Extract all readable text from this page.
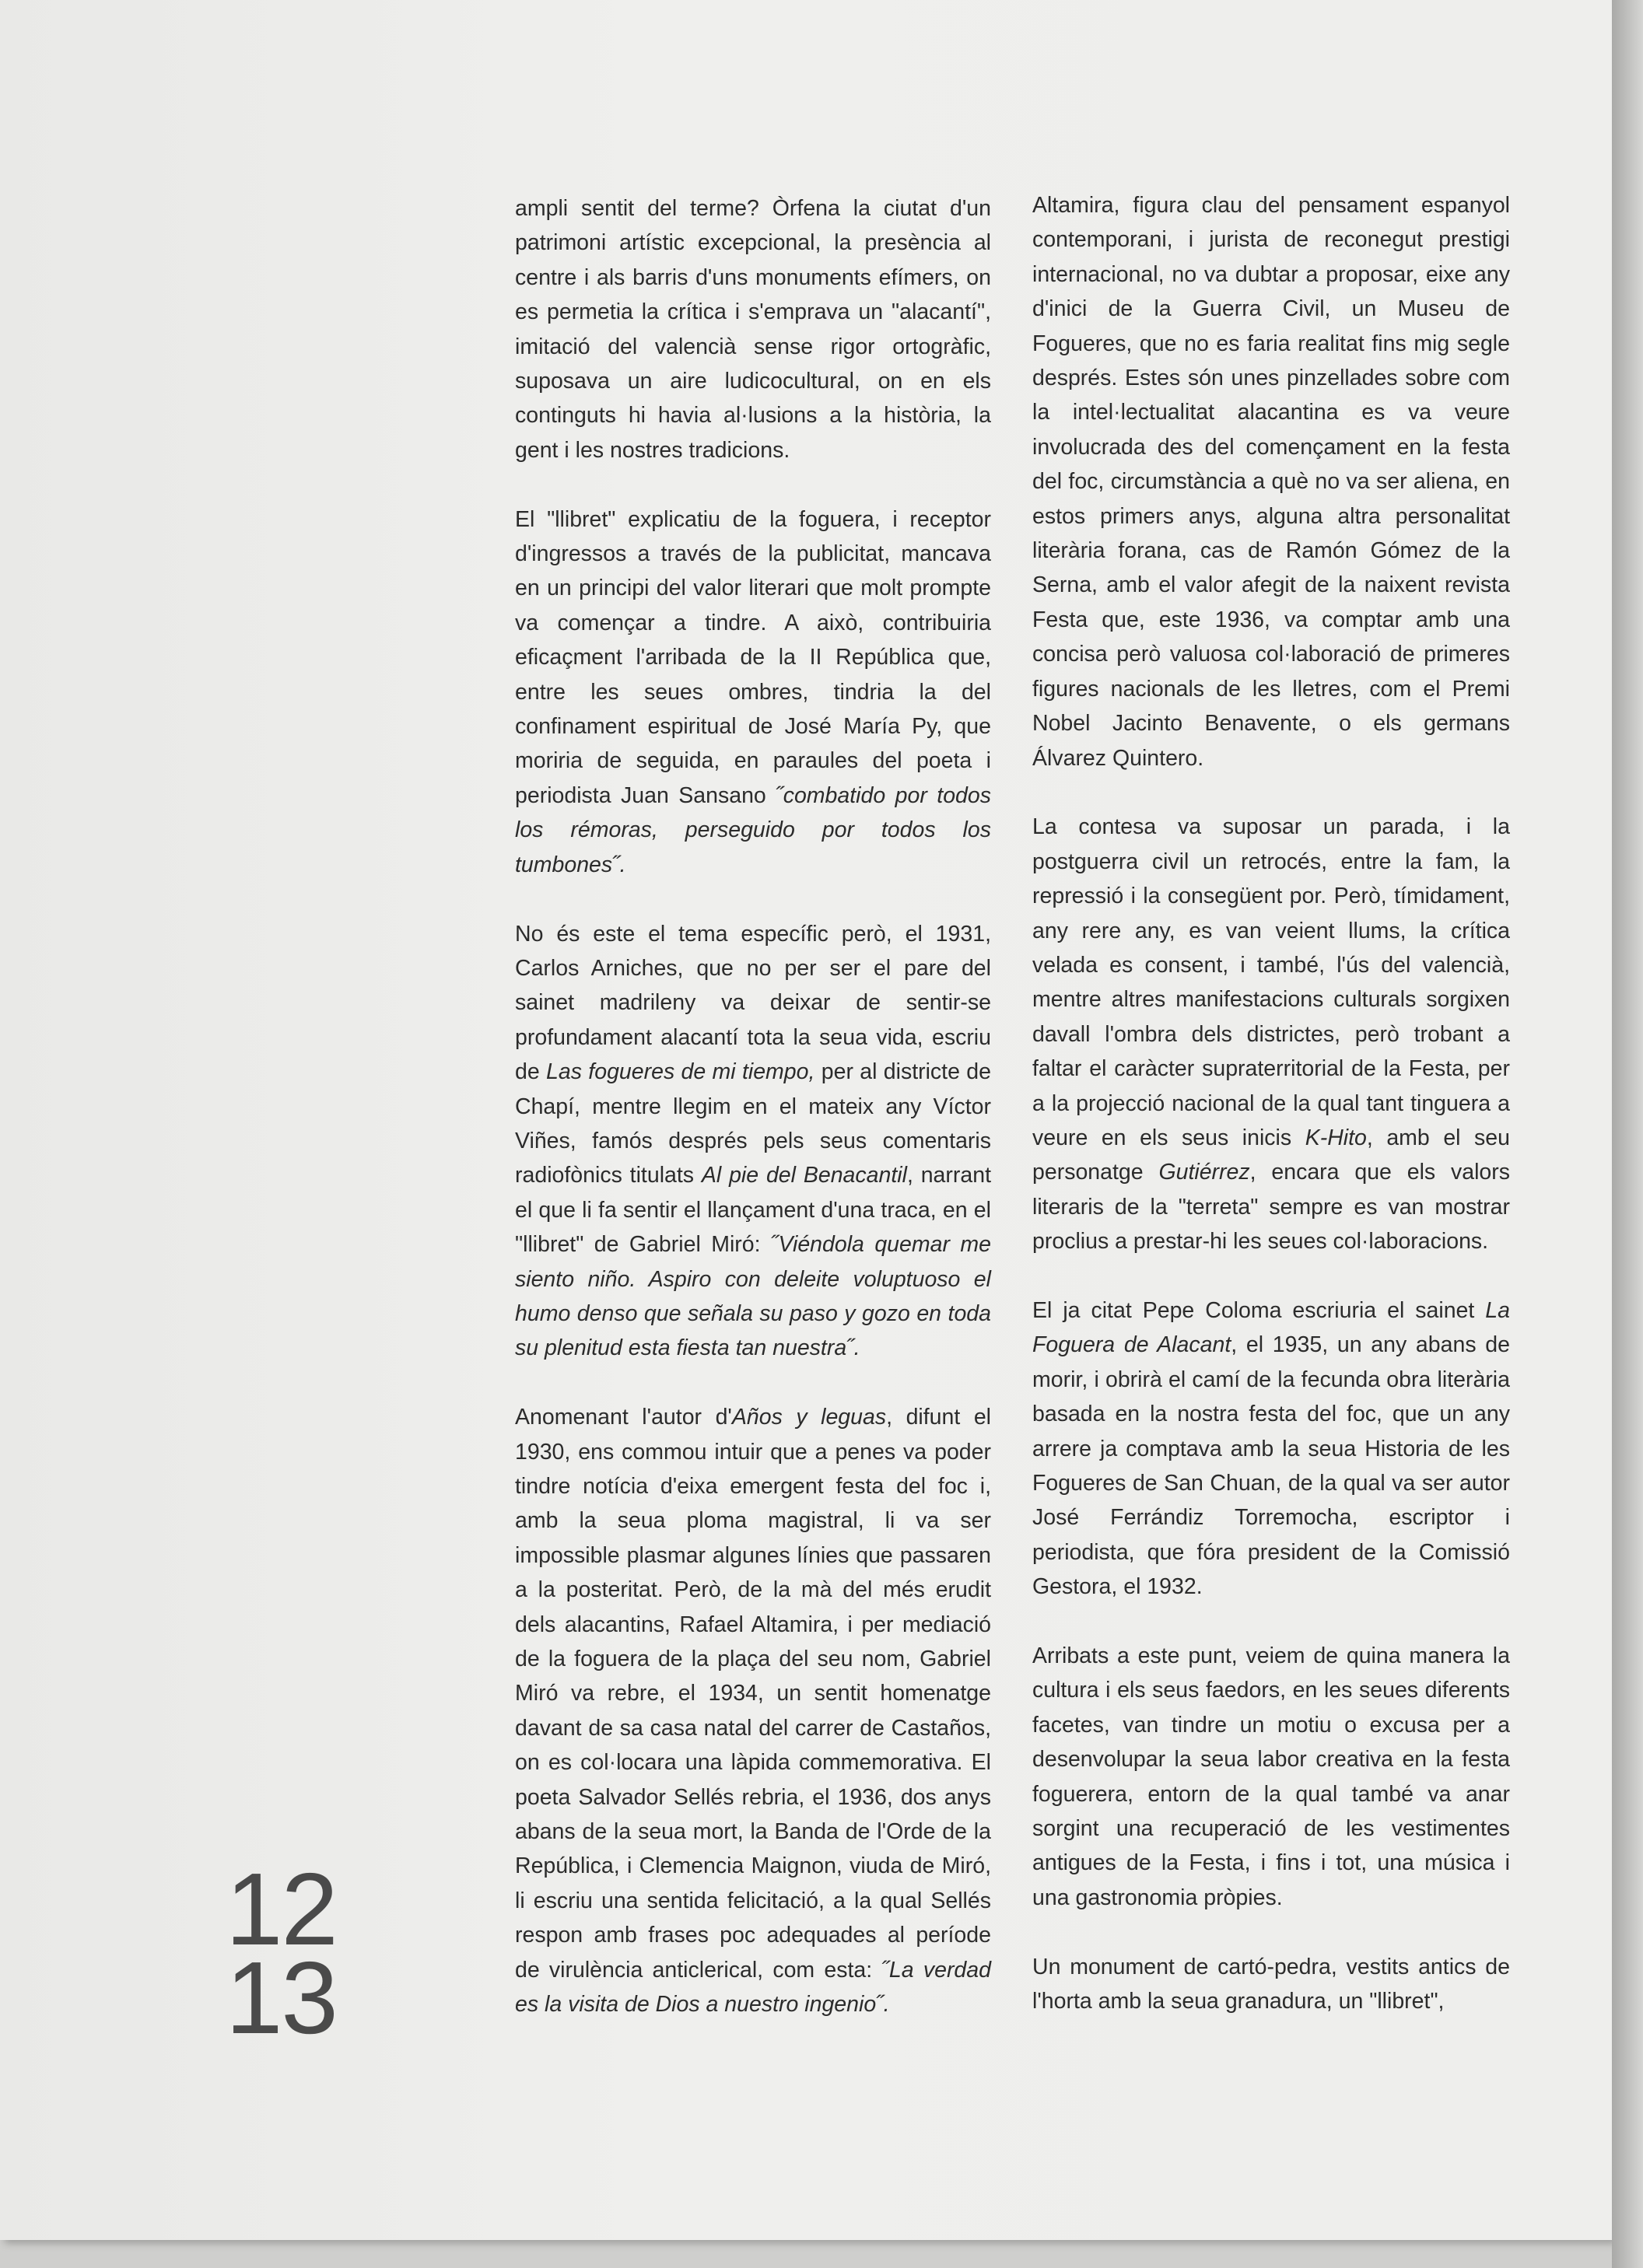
ampli sentit del terme? Òrfena la ciutat d'un patrimoni artístic excepcional, la presència al centre i als barris d'uns monuments efímers, on es permetia la crítica i s'emprava un "alacantí", imitació del valencià sense rigor ortogràfic, suposava un aire ludicocultural, on en els continguts hi havia al·lusions a la història, la gent i les nostres tradicions.

El "llibret" explicatiu de la foguera, i receptor d'ingressos a través de la publicitat, mancava en un principi del valor literari que molt prompte va començar a tindre. A això, contribuiria eficaçment l'arribada de la II República que, entre les seues ombres, tindria la del confinament espiritual de José María Py, que moriria de seguida, en paraules del poeta i periodista Juan Sansano ˝combatido por todos los rémoras, perseguido por todos los tumbones˝.

No és este el tema específic però, el 1931, Carlos Arniches, que no per ser el pare del sainet madrileny va deixar de sentir-se profundament alacantí tota la seua vida, escriu de Las fogueres de mi tiempo, per al districte de Chapí, mentre llegim en el mateix any Víctor Viñes, famós després pels seus comentaris radiofònics titulats Al pie del Benacantil, narrant el que li fa sentir el llançament d'una traca, en el "llibret" de Gabriel Miró: ˝Viéndola quemar me siento niño. Aspiro con deleite voluptuoso el humo denso que señala su paso y gozo en toda su plenitud esta fiesta tan nuestra˝.

Anomenant l'autor d'Años y leguas, difunt el 1930, ens commou intuir que a penes va poder tindre notícia d'eixa emergent festa del foc i, amb la seua ploma magistral, li va ser impossible plasmar algunes línies que passaren a la posteritat. Però, de la mà del més erudit dels alacantins, Rafael Altamira, i per mediació de la foguera de la plaça del seu nom, Gabriel Miró va rebre, el 1934, un sentit homenatge davant de sa casa natal del carrer de Castaños, on es col·locara una làpida commemorativa. El poeta Salvador Sellés rebria, el 1936, dos anys abans de la seua mort, la Banda de l'Orde de la República, i Clemencia Maignon, viuda de Miró, li escriu una sentida felicitació, a la qual Sellés respon amb frases poc adequades al període de virulència anticlerical, com esta: ˝La verdad es la visita de Dios a nuestro ingenio˝.

Altamira, figura clau del pensament espanyol contemporani, i jurista de reconegut prestigi internacional, no va dubtar a proposar, eixe any d'inici de la Guerra Civil, un Museu de Fogueres, que no es faria realitat fins mig segle després. Estes són unes pinzellades sobre com la intel·lectualitat alacantina es va veure involucrada des del començament en la festa del foc, circumstància a què no va ser aliena, en estos primers anys, alguna altra personalitat literària forana, cas de Ramón Gómez de la Serna, amb el valor afegit de la naixent revista Festa que, este 1936, va comptar amb una concisa però valuosa col·laboració de primeres figures nacionals de les lletres, com el Premi Nobel Jacinto Benavente, o els germans Álvarez Quintero.

La contesa va suposar un parada, i la postguerra civil un retrocés, entre la fam, la repressió i la consegüent por. Però, tímidament, any rere any, es van veient llums, la crítica velada es consent, i també, l'ús del valencià, mentre altres manifestacions culturals sorgixen davall l'ombra dels districtes, però trobant a faltar el caràcter supraterritorial de la Festa, per a la projecció nacional de la qual tant tinguera a veure en els seus inicis K-Hito, amb el seu personatge Gutiérrez, encara que els valors literaris de la "terreta" sempre es van mostrar proclius a prestar-hi les seues col·laboracions.

El ja citat Pepe Coloma escriuria el sainet La Foguera de Alacant, el 1935, un any abans de morir, i obrirà el camí de la fecunda obra literària basada en la nostra festa del foc, que un any arrere ja comptava amb la seua Historia de les Fogueres de San Chuan, de la qual va ser autor José Ferrándiz Torremocha, escriptor i periodista, que fóra president de la Comissió Gestora, el 1932.

Arribats a este punt, veiem de quina manera la cultura i els seus faedors, en les seues diferents facetes, van tindre un motiu o excusa per a desenvolupar la seua labor creativa en la festa foguerera, entorn de la qual també va anar sorgint una recuperació de les vestimentes antigues de la Festa, i fins i tot, una música i una gastronomia pròpies.

Un monument de cartó-pedra, vestits antics de l'horta amb la seua granadura, un "llibret",

12
13
